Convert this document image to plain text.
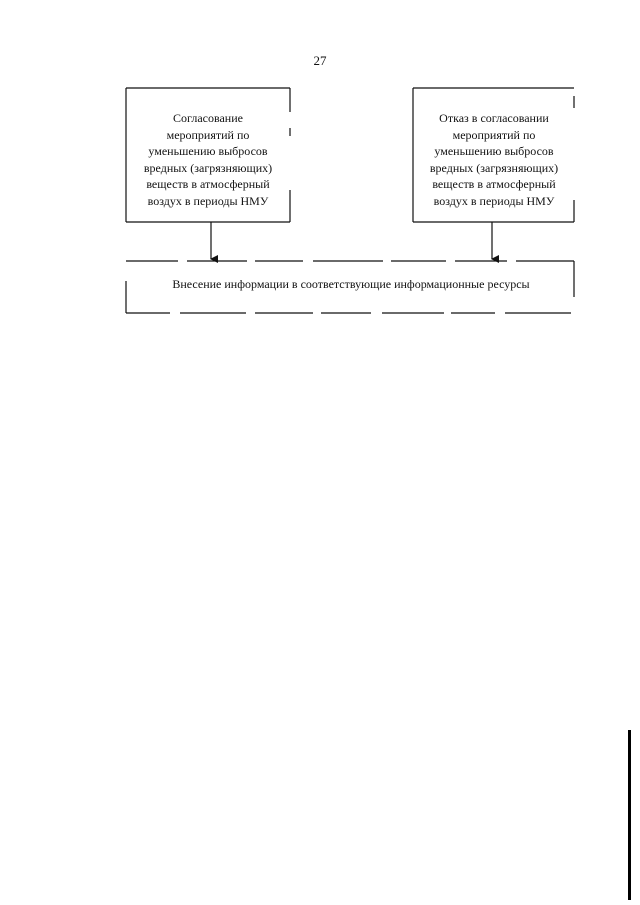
27
Согласование
мероприятий по
уменьшению выбросов
вредных (загрязняющих)
веществ в атмосферный
воздух в периоды НМУ
Отказ в согласовании
мероприятий по
уменьшению выбросов
вредных (загрязняющих)
веществ в атмосферный
воздух в периоды НМУ
Внесение информации в соответствующие информационные ресурсы
